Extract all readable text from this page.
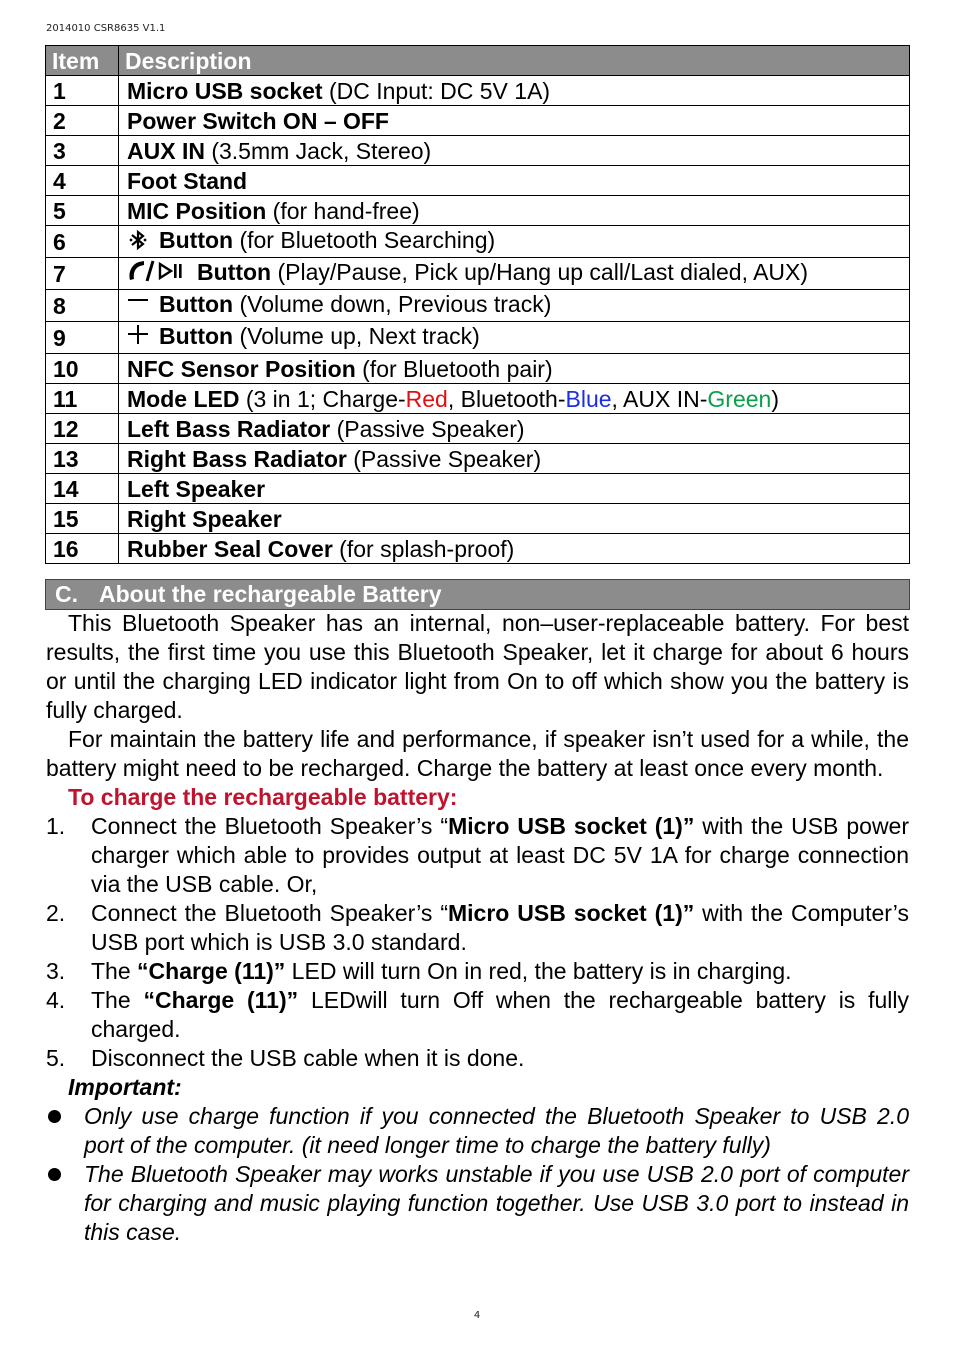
2014010 CSR8635 V1.1
Item	Description
1	Micro USB socket (DC Input: DC 5V 1A)
2	Power Switch ON – OFF
3	AUX IN (3.5mm Jack, Stereo)
4	Foot Stand
5	MIC Position (for hand-free)
6	Button (for Bluetooth Searching)
7	Button (Play/Pause, Pick up/Hang up call/Last dialed, AUX)
8	Button (Volume down, Previous track)
9	Button (Volume up, Next track)
10	NFC Sensor Position (for Bluetooth pair)
11	Mode LED (3 in 1; Charge-Red, Bluetooth-Blue, AUX IN-Green)
12	Left Bass Radiator (Passive Speaker)
13	Right Bass Radiator (Passive Speaker)
14	Left Speaker
15	Right Speaker
16	Rubber Seal Cover (for splash-proof)
C. About the rechargeable Battery

This Bluetooth Speaker has an internal, non–user-replaceable battery. For best results, the first time you use this Bluetooth Speaker, let it charge for about 6 hours or until the charging LED indicator light from On to off which show you the battery is fully charged.

For maintain the battery life and performance, if speaker isn’t used for a while, the battery might need to be recharged. Charge the battery at least once every month.

To charge the rechargeable battery:

1. Connect the Bluetooth Speaker’s “Micro USB socket (1)” with the USB power charger which able to provides output at least DC 5V 1A for charge connection via the USB cable. Or,
2. Connect the Bluetooth Speaker’s “Micro USB socket (1)” with the Computer’s USB port which is USB 3.0 standard.
3. The “Charge (11)” LED will turn On in red, the battery is in charging.
4. The “Charge (11)” LEDwill turn Off when the rechargeable battery is fully charged.
5. Disconnect the USB cable when it is done.

Important:

Only use charge function if you connected the Bluetooth Speaker to USB 2.0 port of the computer. (it need longer time to charge the battery fully)
The Bluetooth Speaker may works unstable if you use USB 2.0 port of computer for charging and music playing function together. Use USB 3.0 port to instead in this case.
4
